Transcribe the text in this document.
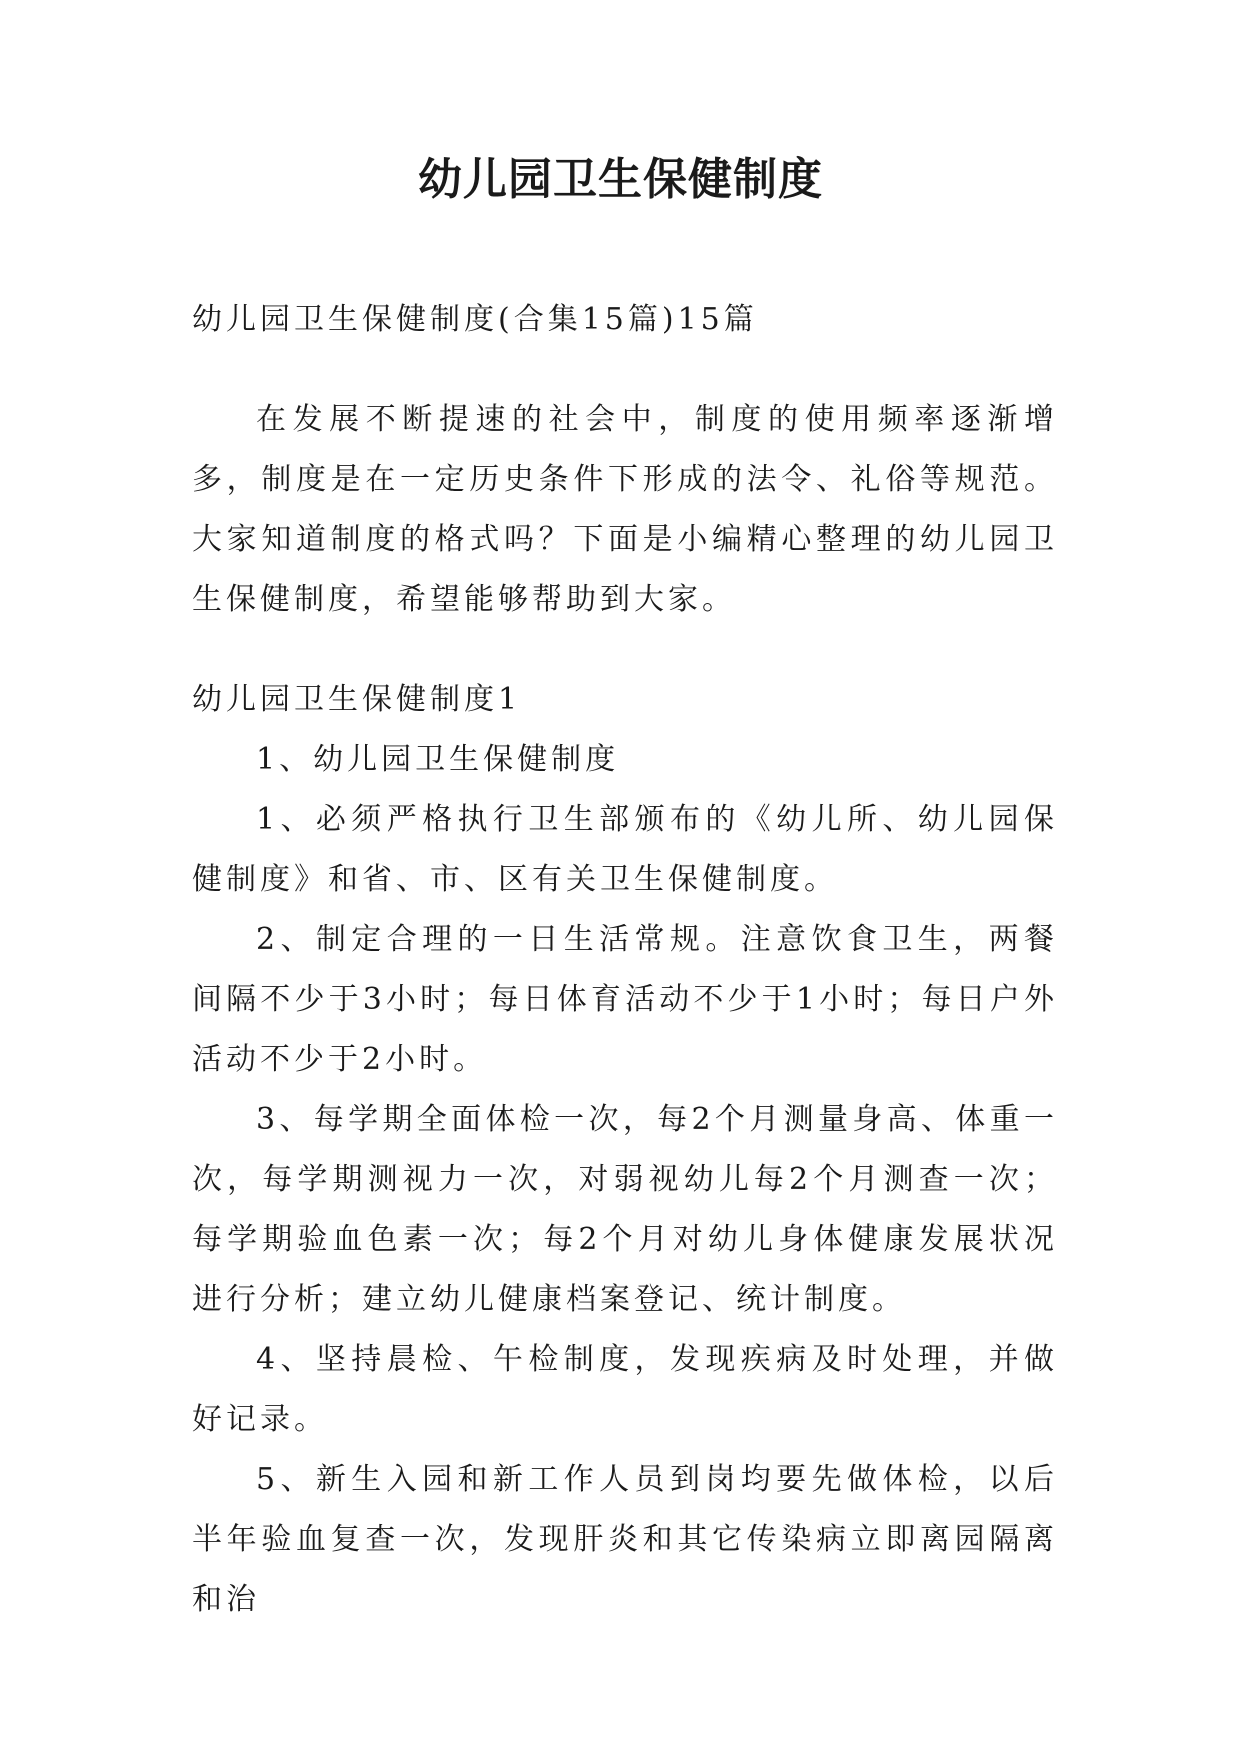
幼儿园卫生保健制度

幼儿园卫生保健制度(合集15篇)15篇

在发展不断提速的社会中，制度的使用频率逐渐增多，制度是在一定历史条件下形成的法令、礼俗等规范。大家知道制度的格式吗？下面是小编精心整理的幼儿园卫生保健制度，希望能够帮助到大家。

幼儿园卫生保健制度1

1、幼儿园卫生保健制度

1、必须严格执行卫生部颁布的《幼儿所、幼儿园保健制度》和省、市、区有关卫生保健制度。

2、制定合理的一日生活常规。注意饮食卫生，两餐间隔不少于3小时；每日体育活动不少于1小时；每日户外活动不少于2小时。

3、每学期全面体检一次，每2个月测量身高、体重一次，每学期测视力一次，对弱视幼儿每2个月测查一次；每学期验血色素一次；每2个月对幼儿身体健康发展状况进行分析；建立幼儿健康档案登记、统计制度。

4、坚持晨检、午检制度，发现疾病及时处理，并做好记录。

5、新生入园和新工作人员到岗均要先做体检，以后半年验血复查一次，发现肝炎和其它传染病立即离园隔离和治
